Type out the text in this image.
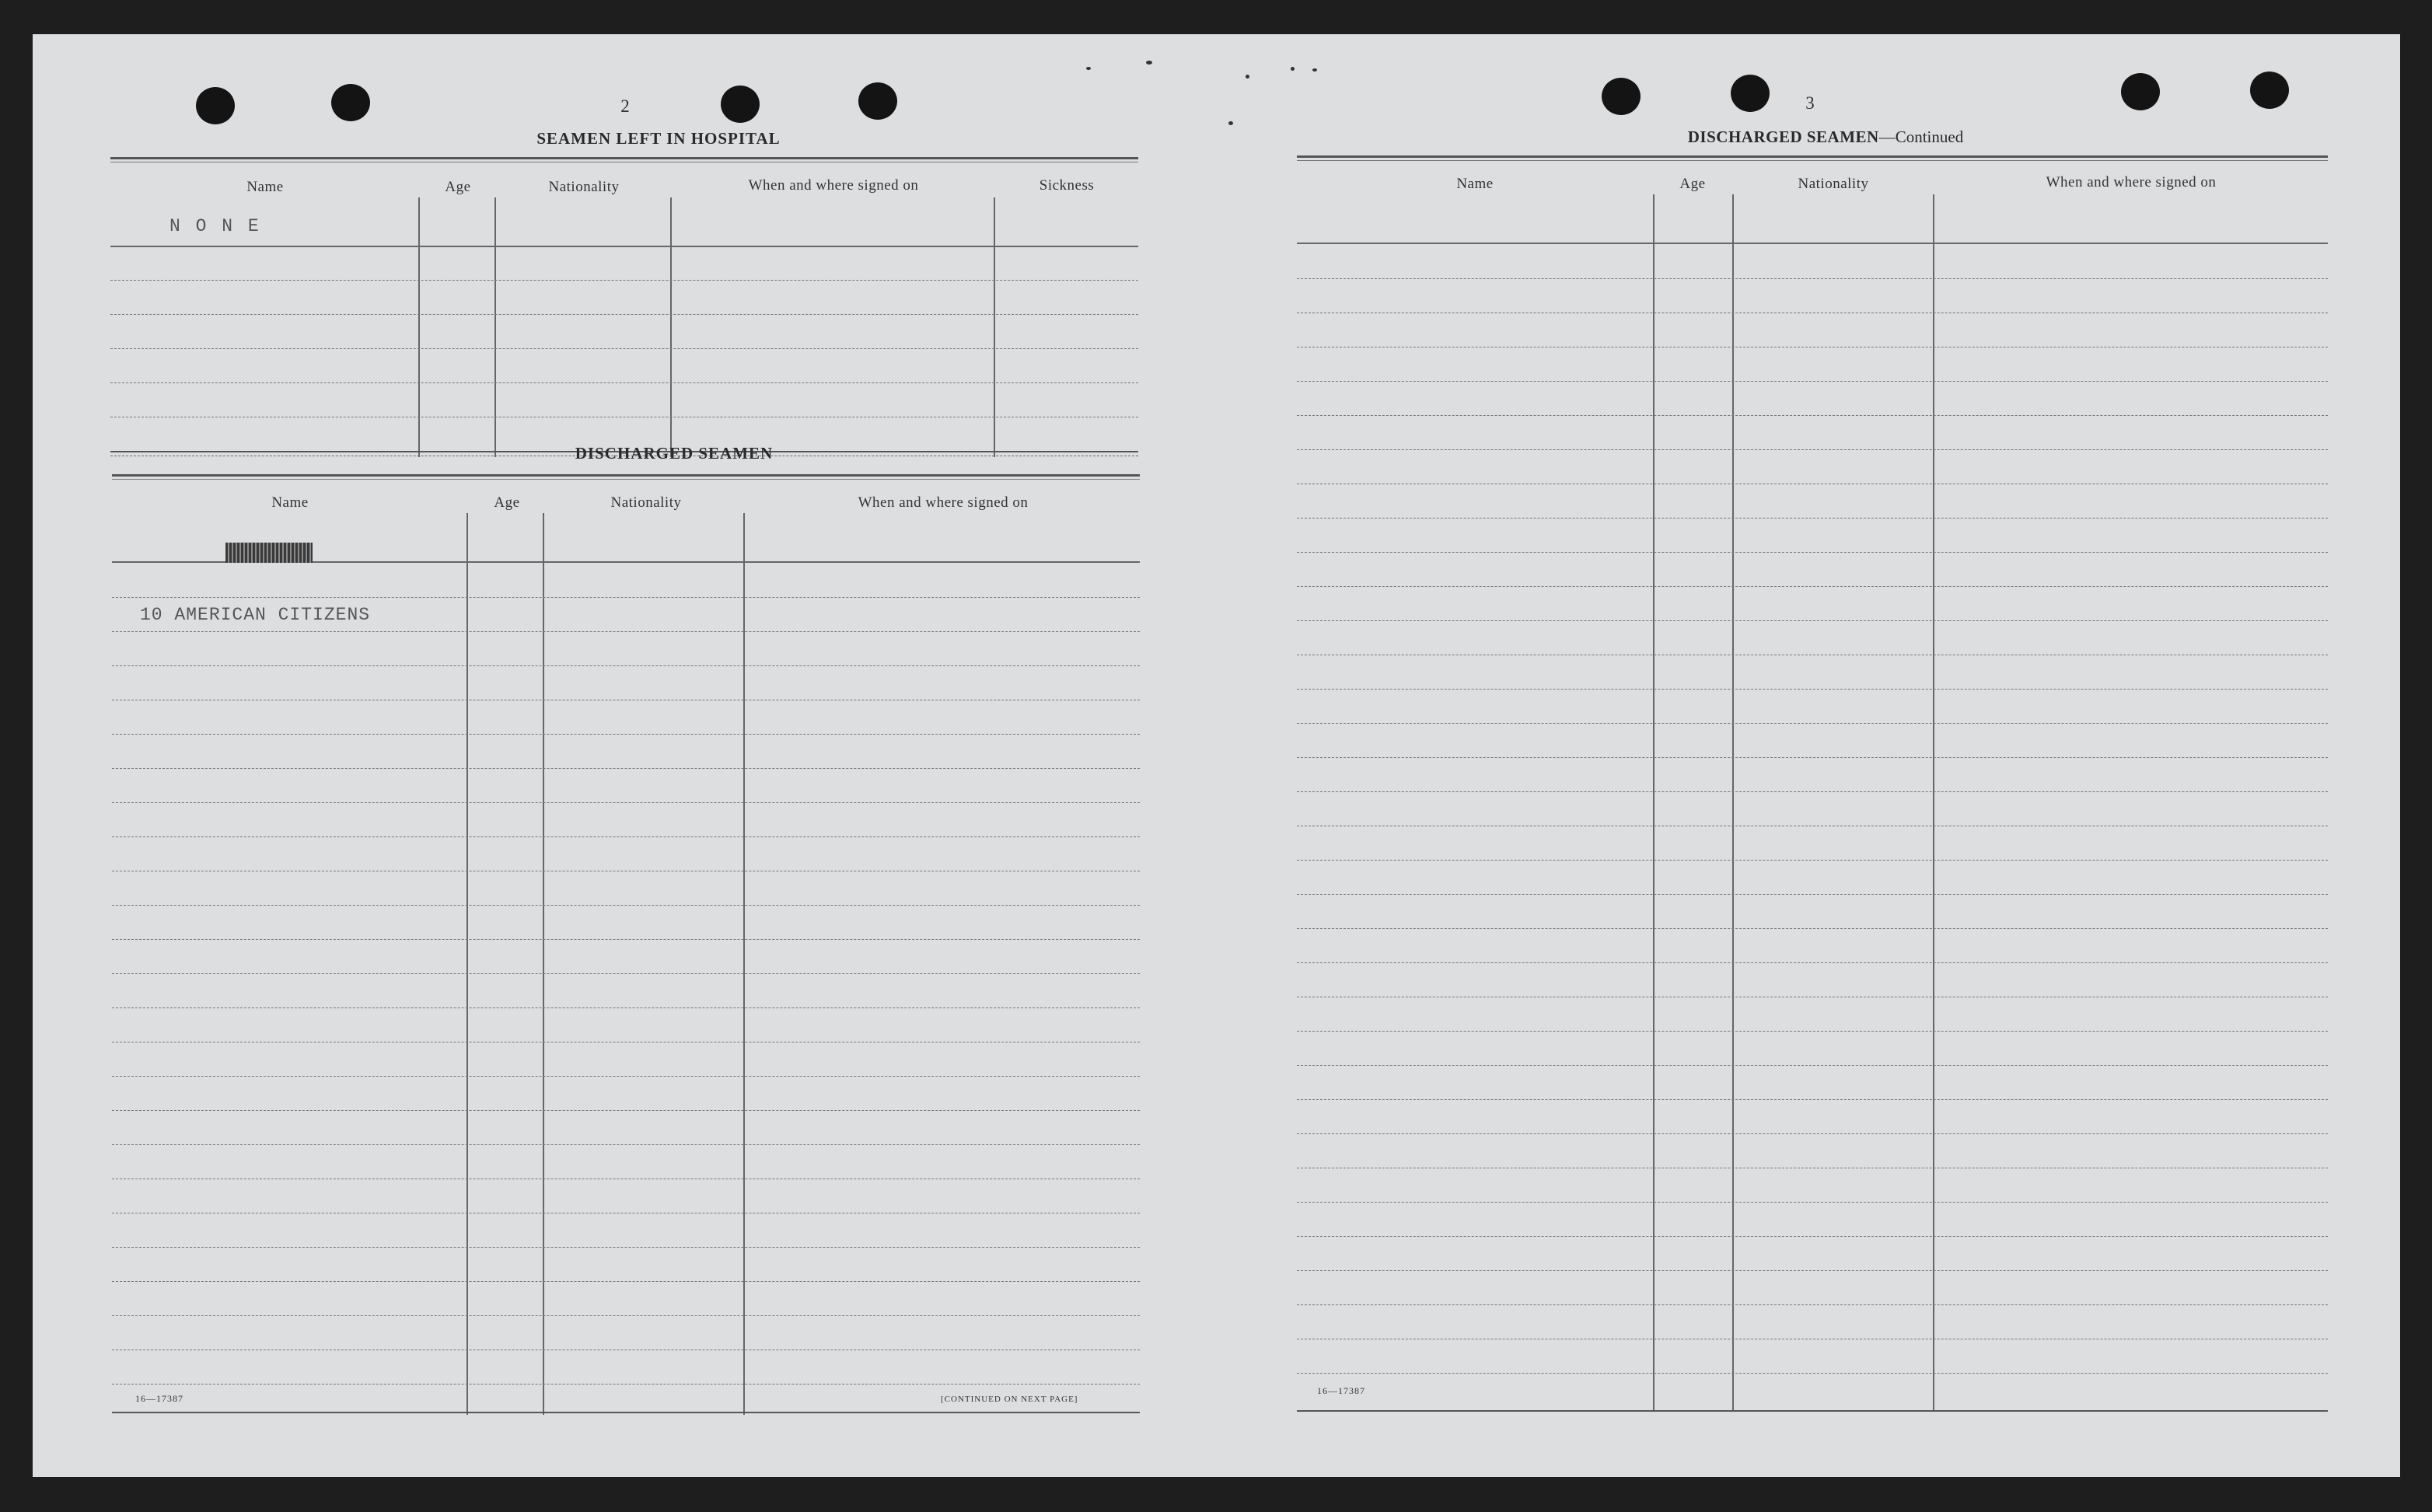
2
SEAMEN LEFT IN HOSPITAL
Name	Age	Nationality	When and where signed on	Sickness
N O N E
DISCHARGED SEAMEN
Name	Age	Nationality	When and where signed on
10 AMERICAN CITIZENS
16—17387	[CONTINUED ON NEXT PAGE]
3
DISCHARGED SEAMEN—Continued
Name	Age	Nationality	When and where signed on
16—17387
